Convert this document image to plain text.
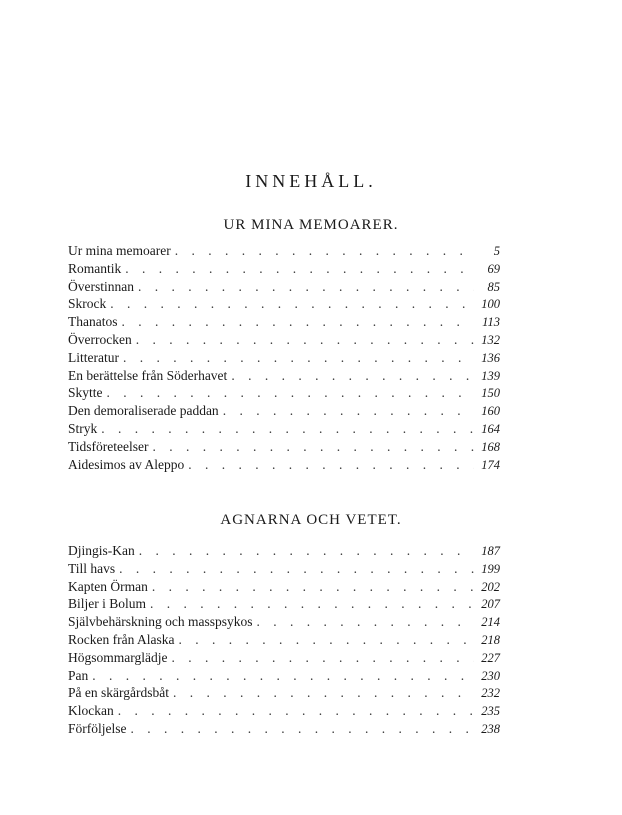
INNEHÅLL.
UR MINA MEMOARER.
Ur mina memoarer . . .	5
Romantik . . .	69
Överstinnan . . .	85
Skrock . . .	100
Thanatos . . .	113
Överrocken . . .	132
Litteratur . . .	136
En berättelse från Söderhavet . . .	139
Skytte . . .	150
Den demoraliserade paddan . . .	160
Stryk . . .	164
Tidsföreteelser . . .	168
Aidesimos av Aleppo . . .	174
AGNARNA OCH VETET.
Djingis-Kan . . .	187
Till havs . . .	199
Kapten Örman . . .	202
Biljer i Bolum . . .	207
Självbehärskning och masspsykos . . .	214
Rocken från Alaska . . .	218
Högsommarglädje . . .	227
Pan . . .	230
På en skärgårdsbåt . . .	232
Klockan . . .	235
Förföljelse . . .	238
